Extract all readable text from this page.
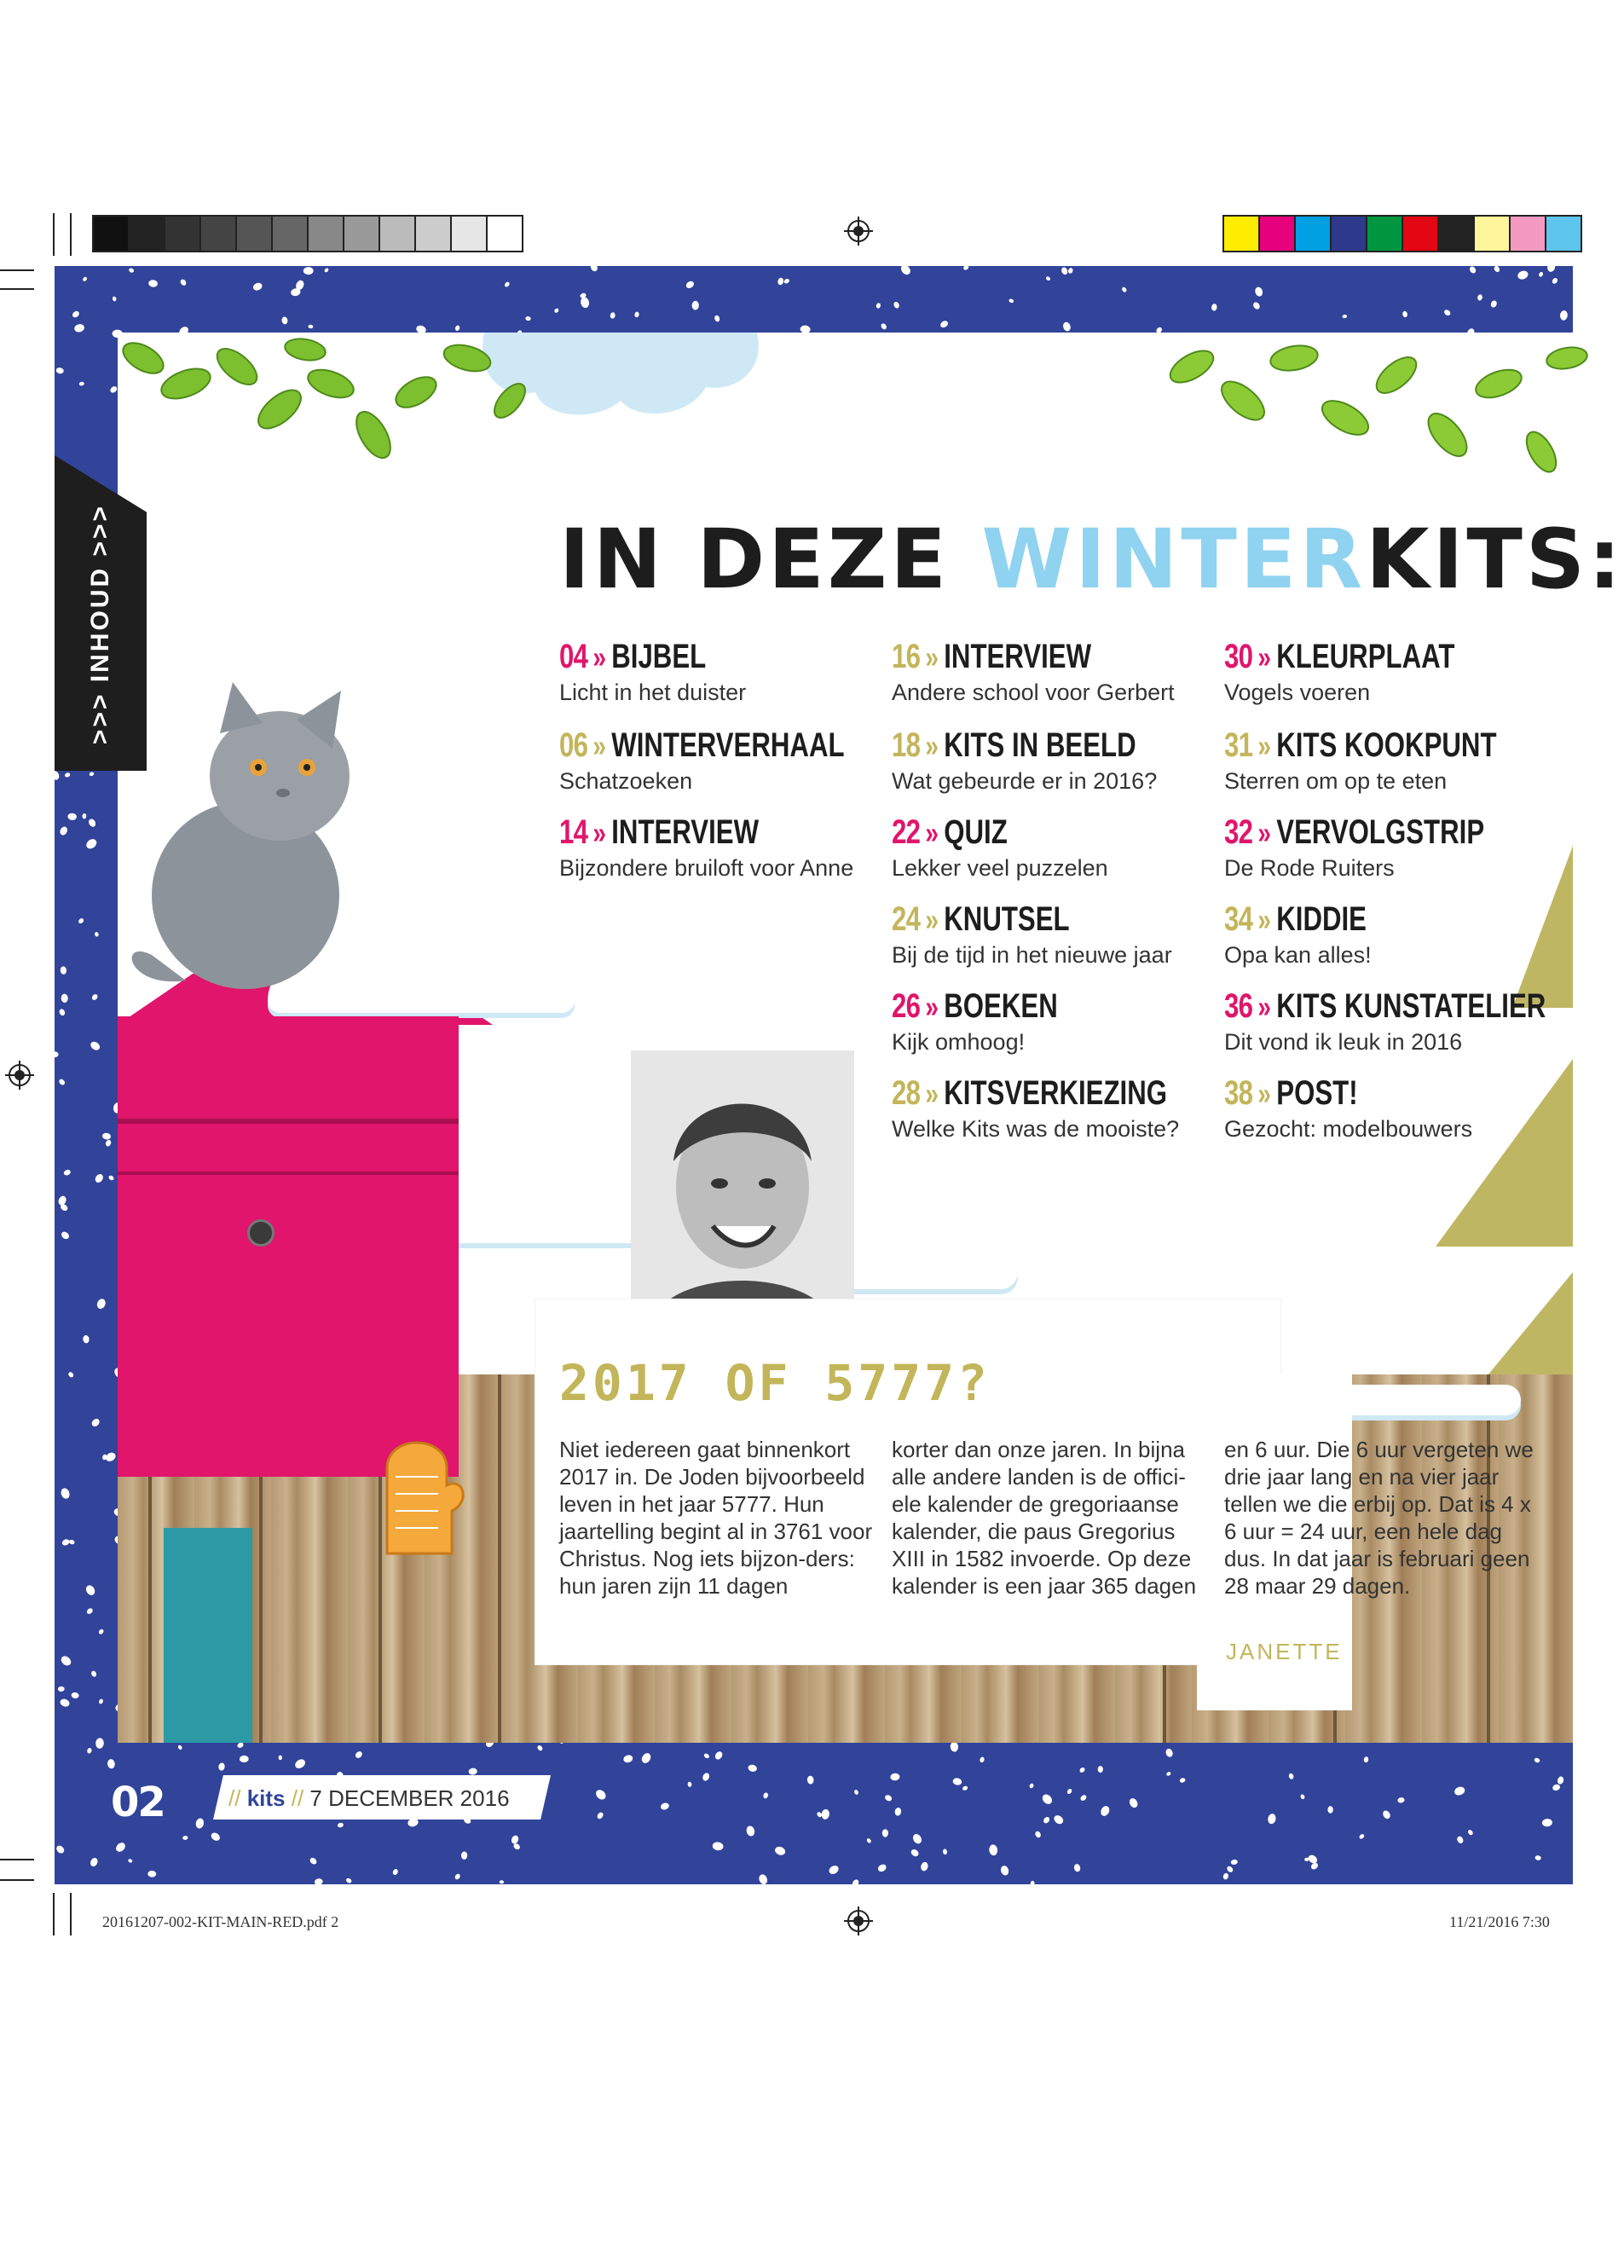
20161207-002-KIT-MAIN-RED.pdf 2	11/21/2016 7:30
>>> INHOUD >>>	IN DEZE WINTERKITS:
2017 OF 5777?
Niet iedereen gaat binnenkort 2017 in. De Joden bijvoorbeeld leven in het jaar 5777. Hun jaartelling begint al in 3761 voor Christus. Nog iets bijzon-ders: hun jaren zijn 11 dagen
korter dan onze jaren. In bijna alle andere landen is de offici-ele kalender de gregoriaanse kalender, die paus Gregorius XIII in 1582 invoerde. Op deze kalender is een jaar 365 dagen
en 6 uur. Die 6 uur vergeten we drie jaar lang en na vier jaar tellen we die erbij op. Dat is 4 x 6 uur = 24 uur, een hele dag dus. In dat jaar is februari geen 28 maar 29 dagen.
JANETTE
02	// kits // 7 DECEMBER 2016
04 » BIJBEL
Licht in het duister
06 » WINTERVERHAAL
Schatzoeken
14 » INTERVIEW
Bijzondere bruiloft voor Anne
16 » INTERVIEW
Andere school voor Gerbert
18 » KITS IN BEELD
Wat gebeurde er in 2016?
22 » QUIZ
Lekker veel puzzelen
24 » KNUTSEL
Bij de tijd in het nieuwe jaar
26 » BOEKEN
Kijk omhoog!
28 » KITSVERKIEZING
Welke Kits was de mooiste?
30 » KLEURPLAAT
Vogels voeren
31 » KITS KOOKPUNT
Sterren om op te eten
32 » VERVOLGSTRIP
De Rode Ruiters
34 » KIDDIE
Opa kan alles!
36 » KITS KUNSTATELIER
Dit vond ik leuk in 2016
38 » POST!
Gezocht: modelbouwers
